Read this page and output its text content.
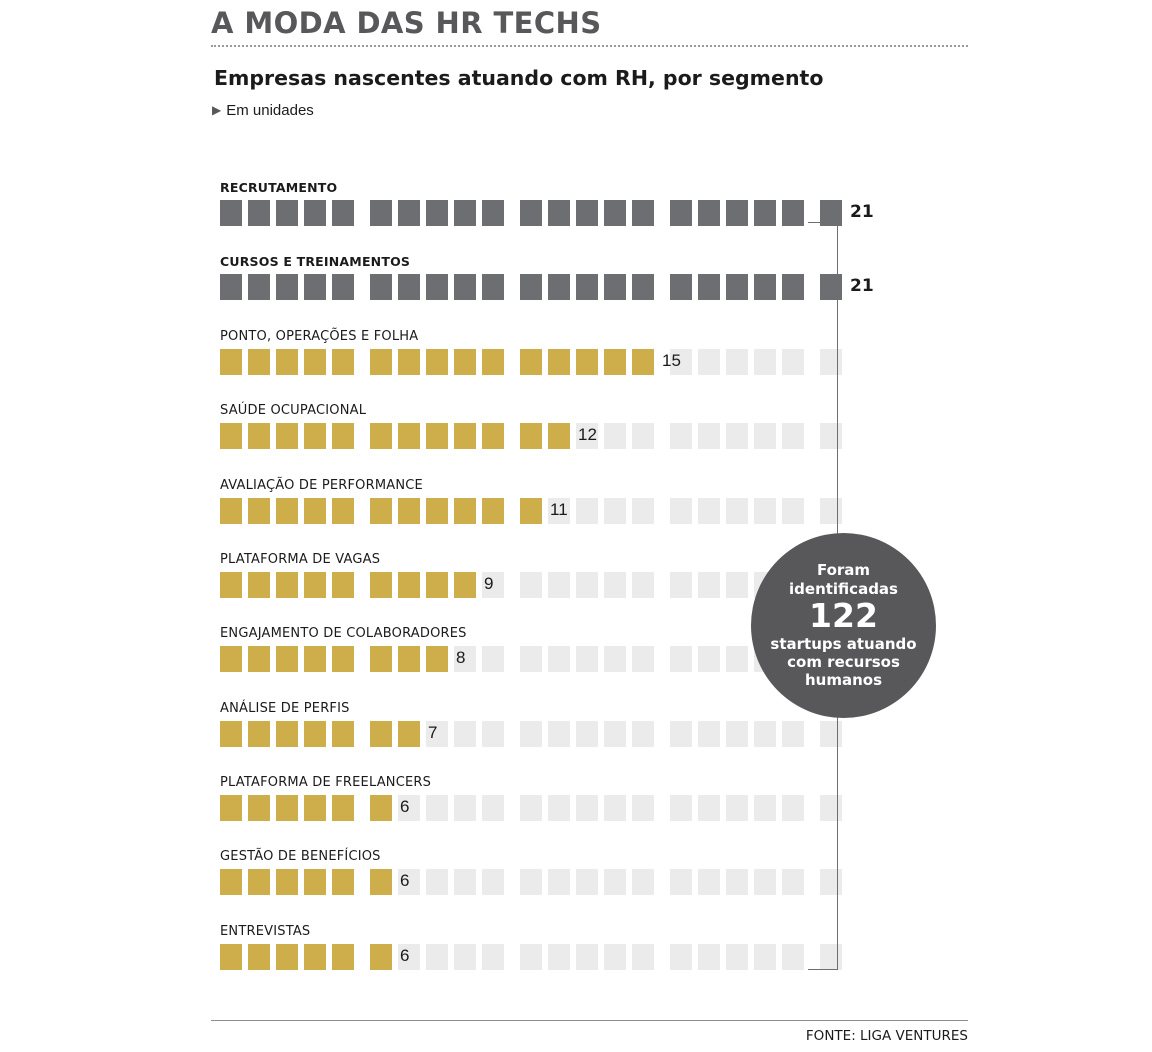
A MODA DAS HR TECHS
Empresas nascentes atuando com RH, por segmento
▶ Em unidades
RECRUTAMENTO
21
CURSOS E TREINAMENTOS
21
PONTO, OPERAÇÕES E FOLHA
15
SAÚDE OCUPACIONAL
12
AVALIAÇÃO DE PERFORMANCE
11
PLATAFORMA DE VAGAS
9
ENGAJAMENTO DE COLABORADORES
8
ANÁLISE DE PERFIS
7
PLATAFORMA DE FREELANCERS
6
GESTÃO DE BENEFÍCIOS
6
ENTREVISTAS
6
Foram
identificadas
122
startups atuando
com recursos
humanos
FONTE: LIGA VENTURES
